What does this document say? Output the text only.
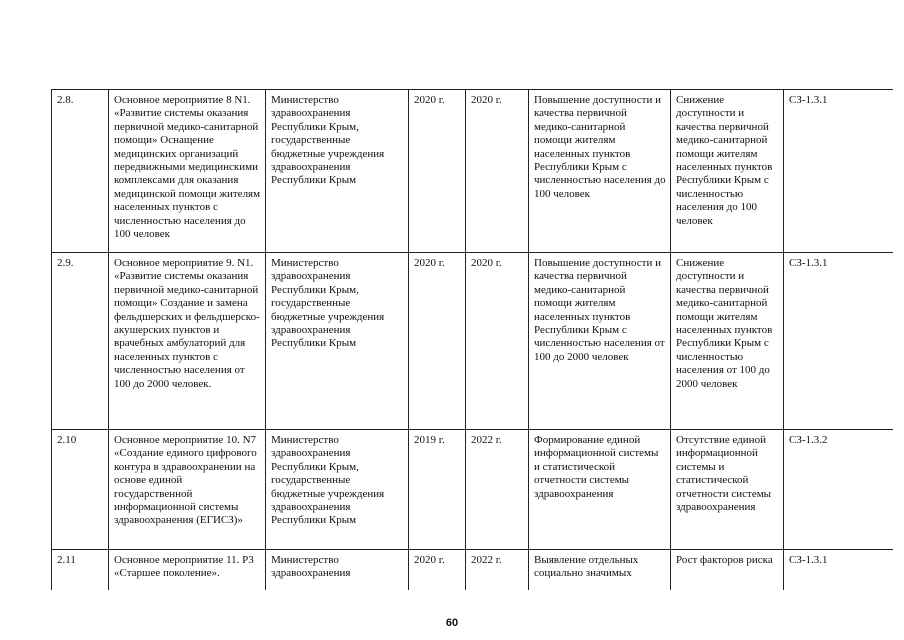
2.8.	Основное мероприятие 8 N1. «Развитие системы оказания первичной медико-санитарной помощи» Оснащение медицинских организаций передвижными медицинскими комплексами для оказания медицинской помощи жителям населенных пунктов с численностью населения до 100 человек	Министерство здравоохранения Республики Крым, государственные бюджетные учреждения здравоохранения Республики Крым	2020 г.	2020 г.	Повышение доступности и качества первичной медико-санитарной помощи жителям населенных пунктов Республики Крым с численностью населения до 100 человек	Снижение доступности и качества первичной медико-санитарной помощи жителям населенных пунктов Республики Крым с численностью населения до 100 человек	СЗ-1.3.1
2.9.	Основное мероприятие 9. N1. «Развитие системы оказания первичной медико-санитарной помощи» Создание и замена фельдшерских и фельдшерско-акушерских пунктов и врачебных амбулаторий для населенных пунктов с численностью населения от 100 до 2000 человек.	Министерство здравоохранения Республики Крым, государственные бюджетные учреждения здравоохранения Республики Крым	2020 г.	2020 г.	Повышение доступности и качества первичной медико-санитарной помощи жителям населенных пунктов Республики Крым с численностью населения от 100 до 2000 человек	Снижение доступности и качества первичной медико-санитарной помощи жителям населенных пунктов Республики Крым с численностью населения от 100 до 2000 человек	СЗ-1.3.1
2.10	Основное мероприятие 10. N7 «Создание единого цифрового контура в здравоохранении на основе единой государственной информационной системы здравоохранения (ЕГИСЗ)»	Министерство здравоохранения Республики Крым, государственные бюджетные учреждения здравоохранения Республики Крым	2019 г.	2022 г.	Формирование единой информационной системы и статистической отчетности системы здравоохранения	Отсутствие единой информационной системы и статистической отчетности системы здравоохранения	СЗ-1.3.2
2.11	Основное мероприятие 11. Р3 «Старшее поколение».	Министерство здравоохранения	2020 г.	2022 г.	Выявление отдельных социально значимых	Рост факторов риска	СЗ-1.3.1
60
